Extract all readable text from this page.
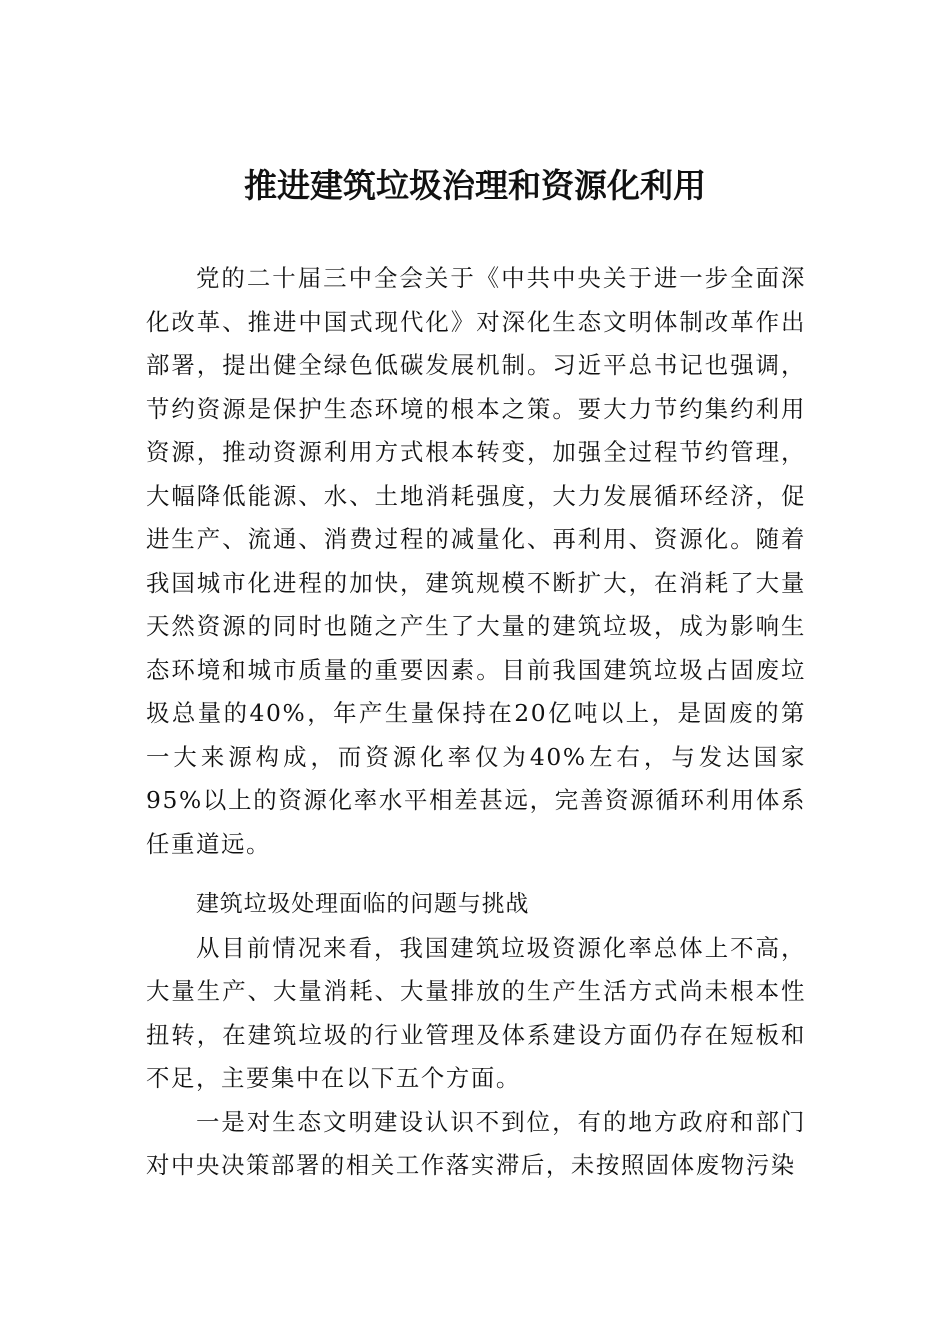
推进建筑垃圾治理和资源化利用

党的二十届三中全会关于《中共中央关于进一步全面深化改革、推进中国式现代化》对深化生态文明体制改革作出部署，提出健全绿色低碳发展机制。习近平总书记也强调，节约资源是保护生态环境的根本之策。要大力节约集约利用资源，推动资源利用方式根本转变，加强全过程节约管理，大幅降低能源、水、土地消耗强度，大力发展循环经济，促进生产、流通、消费过程的减量化、再利用、资源化。随着我国城市化进程的加快，建筑规模不断扩大，在消耗了大量天然资源的同时也随之产生了大量的建筑垃圾，成为影响生态环境和城市质量的重要因素。目前我国建筑垃圾占固废垃圾总量的40%，年产生量保持在20亿吨以上，是固废的第一大来源构成，而资源化率仅为40%左右，与发达国家95%以上的资源化率水平相差甚远，完善资源循环利用体系任重道远。

建筑垃圾处理面临的问题与挑战

从目前情况来看，我国建筑垃圾资源化率总体上不高，大量生产、大量消耗、大量排放的生产生活方式尚未根本性扭转，在建筑垃圾的行业管理及体系建设方面仍存在短板和不足，主要集中在以下五个方面。

一是对生态文明建设认识不到位，有的地方政府和部门对中央决策部署的相关工作落实滞后，未按照固体废物污染
